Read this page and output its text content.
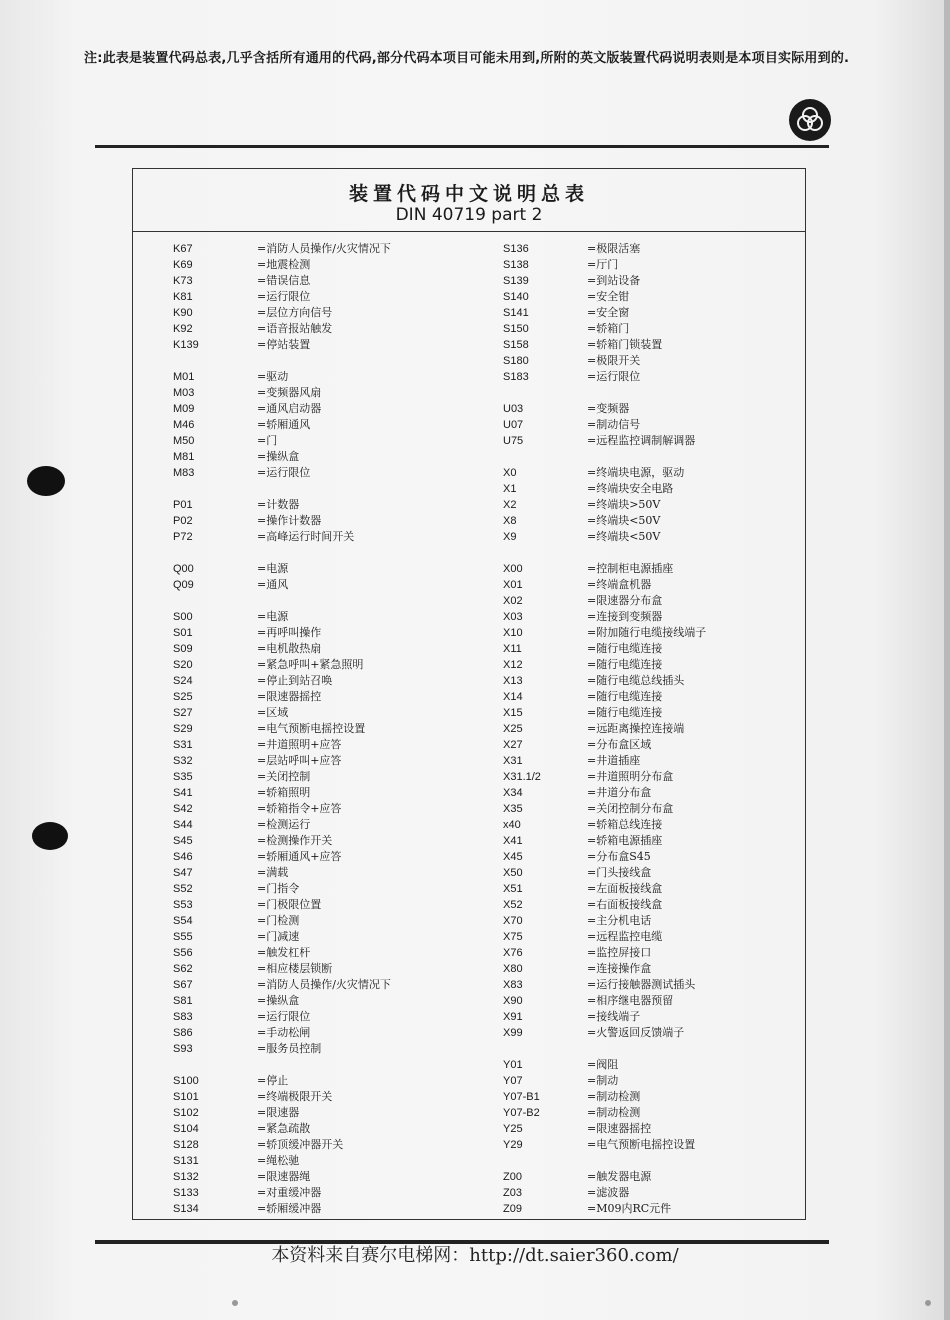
注:此表是装置代码总表,几乎含括所有通用的代码,部分代码本项目可能未用到,所附的英文版装置代码说明表则是本项目实际用到的.
装置代码中文说明总表
DIN 40719 part 2
K67	=消防人员操作/火灾情况下
K69	=地震检测
K73	=错误信息
K81	=运行限位
K90	=层位方向信号
K92	=语音报站触发
K139	=停站装置
M01	=驱动
M03	=变频器风扇
M09	=通风启动器
M46	=轿厢通风
M50	=门
M81	=操纵盒
M83	=运行限位
P01	=计数器
P02	=操作计数器
P72	=高峰运行时间开关
Q00	=电源
Q09	=通风
S00	=电源
S01	=再呼叫操作
S09	=电机散热扇
S20	=紧急呼叫+紧急照明
S24	=停止到站召唤
S25	=限速器摇控
S27	=区域
S29	=电气预断电摇控设置
S31	=井道照明+应答
S32	=层站呼叫+应答
S35	=关闭控制
S41	=轿箱照明
S42	=轿箱指令+应答
S44	=检测运行
S45	=检测操作开关
S46	=轿厢通风+应答
S47	=满载
S52	=门指令
S53	=门极限位置
S54	=门检测
S55	=门减速
S56	=触发杠杆
S62	=相应楼层锁断
S67	=消防人员操作/火灾情况下
S81	=操纵盒
S83	=运行限位
S86	=手动松闸
S93	=服务员控制
S100	=停止
S101	=终端极限开关
S102	=限速器
S104	=紧急疏散
S128	=轿顶缓冲器开关
S131	=绳松驰
S132	=限速器绳
S133	=对重缓冲器
S134	=轿厢缓冲器
S136	=极限活塞
S138	=厅门
S139	=到站设备
S140	=安全钳
S141	=安全窗
S150	=轿箱门
S158	=轿箱门锁装置
S180	=极限开关
S183	=运行限位
U03	=变频器
U07	=制动信号
U75	=远程监控调制解调器
X0	=终端块电源，驱动
X1	=终端块安全电路
X2	=终端块>50V
X8	=终端块<50V
X9	=终端块<50V
X00	=控制柜电源插座
X01	=终端盒机器
X02	=限速器分布盒
X03	=连接到变频器
X10	=附加随行电缆接线端子
X11	=随行电缆连接
X12	=随行电缆连接
X13	=随行电缆总线插头
X14	=随行电缆连接
X15	=随行电缆连接
X25	=远距离操控连接端
X27	=分布盒区域
X31	=井道插座
X31.1/2	=井道照明分布盒
X34	=井道分布盒
X35	=关闭控制分布盒
x40	=轿箱总线连接
X41	=轿箱电源插座
X45	=分布盒S45
X50	=门头接线盒
X51	=左面板接线盒
X52	=右面板接线盒
X70	=主分机电话
X75	=远程监控电缆
X76	=监控屏接口
X80	=连接操作盒
X83	=运行接触器测试插头
X90	=相序继电器预留
X91	=接线端子
X99	=火警返回反馈端子
Y01	=阀阻
Y07	=制动
Y07-B1	=制动检测
Y07-B2	=制动检测
Y25	=限速器摇控
Y29	=电气预断电摇控设置
Z00	=触发器电源
Z03	=滤波器
Z09	=M09内RC元件
本资料来自赛尔电梯网：http://dt.saier360.com/
